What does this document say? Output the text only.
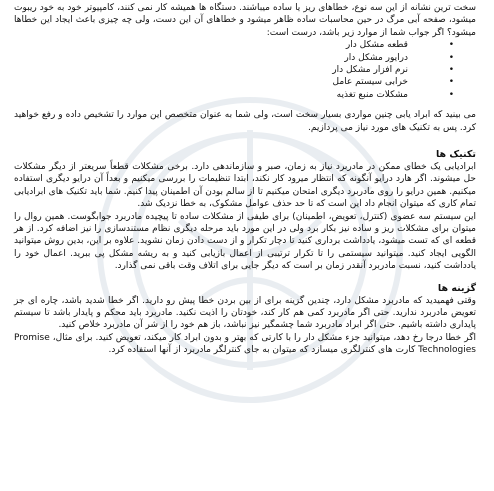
سخت ترین نشانه از این سه نوع، خطاهای ریز یا ساده میباشند. دستگاه ها همیشه کار نمی کنند، کامپیوتر خود به خود ریبوت میشود، صفحه آبی مرگ در حین محاسبات ساده ظاهر میشود و خطاهای آن این دست، ولی چه چیزی باعث ایجاد این خطاها میشود؟ اگر جواب شما از موارد زیر باشد، درست است:

• قطعه مشکل دار
• درایور مشکل دار
• نرم افزار مشکل دار
• خرابی سیستم عامل
• مشکلات منبع تغذیه

می بینید که ابراد یابی چنین مواردی بسیار سخت است، ولی شما به عنوان متخصص این موارد را تشخیص داده و رفع خواهید کرد. پس به تکنیک های مورد نیاز می پردازیم.

تکنیک ها

ابرادیابی یک خطای ممکن در مادربرد نیاز به زمان، صبر و سازماندهی دارد. برخی مشکلات قطعاً سریعتر از دیگر مشکلات حل میشوند. اگر هارد درایو آنگونه که انتظار میرود کار نکند، ابتدا تنظیمات را بررسی میکنیم و بعداً آن درایو دیگری استفاده میکنیم. همین درایو را روی مادربرد دیگری امتحان میکنیم تا از سالم بودن آن اطمینان پیدا کنیم. شما باید تکنیک های ابرادیابی تمام کاری که میتوان انجام داد این است که تا حد حذف عوامل مشکوک، به خطا نزدیک شد.

این سیستم سه عضوی (کنترل، تعویض، اطمینان) برای طیفی از مشکلات ساده تا پیچیده مادربرد جوابگوست. همین روال را میتوان برای مشکلات ریز و ساده نیز بکار برد ولی در این مورد باید مرحله دیگری نظام مستندسازی را نیز اضافه کرد. از هر قطعه ای که تست میشود، یادداشت برداری کنید تا دچار تکرار و از دست دادن زمان نشوید. علاوه بر این، بدین روش میتوانید الگویی ایجاد کنید. میتوانید سیستمی را تا تکرار ترتیبی از اعمال بازیابی کنید و به ریشه مشکل پی ببرید. اعمال خود را یادداشت کنید، نسبت مادربرد آنقدر زمان بر است که دیگر جایی برای اتلاف وقت باقی نمی گذارد.

گزینه ها

وقتی فهمیدید که مادربرد مشکل دارد، چندین گزینه برای از بین بردن خطا پیش رو دارید. اگر خطا شدید باشد، چاره ای جز تعویض مادربرد ندارید. حتی اگر مادربرد کمی هم کار کند، خودتان را اذیت نکنید. مادربرد باید محکم و پایدار باشد تا سیستم پایداری داشته باشیم. حتی اگر ابراد مادربرد شما چشمگیر نیز نباشد، باز هم خود را از شر آن مادربرد خلاص کنید.

اگر خطا درجا رخ دهد، میتوانید جزء مشکل دار را با کارتی که بهتر و بدون ابراد کار میکند، تعویض کنید. برای مثال، Promise Technologies کارت های کنترلگری میسازد که میتوان به جای کنترلگر مادربرد از آنها استفاده کرد.
